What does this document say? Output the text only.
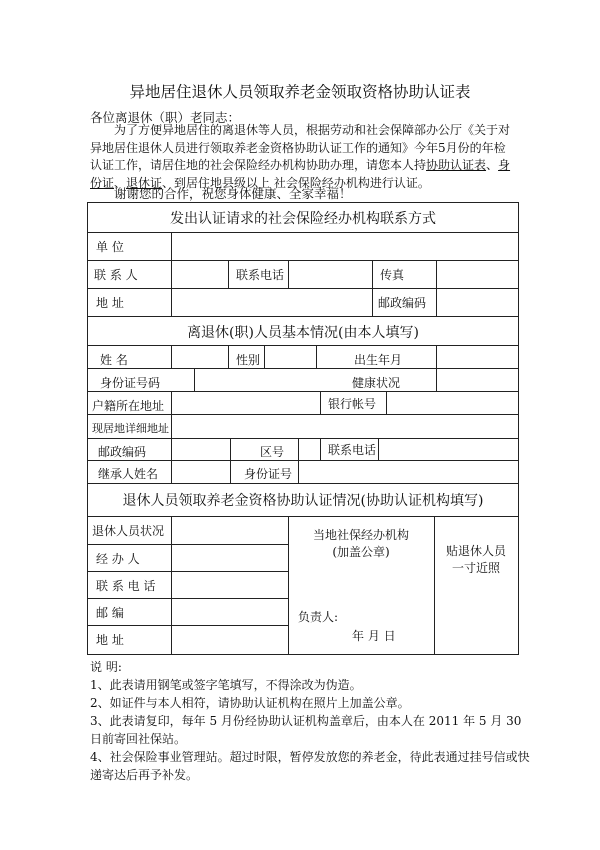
异地居住退休人员领取养老金领取资格协助认证表
各位离退休（职）老同志：

为了方便异地居住的离退休等人员，根据劳动和社会保障部办公厅《关于对异地居住退休人员进行领取养老金资格协助认证工作的通知》今年5月份的年检认证工作，请居住地的社会保险经办机构协助办理，请您本人持协助认证表、身份证、退休证、到居住地县级以上 社会保险经办机构进行认证。

谢谢您的合作，祝您身体健康、全家幸福！
发出认证请求的社会保险经办机构联系方式
单 位
联 系 人	联系电话	传真
地 址	邮政编码
离退休(职)人员基本情况(由本人填写)
姓 名	性别	出生年月
身份证号码	健康状况
户籍所在地址	银行帐号
现居地详细地址
邮政编码	区号	联系电话
继承人姓名	身份证号
退休人员领取养老金资格协助认证情况(协助认证机构填写)
退休人员状况
经 办 人
联 系 电 话
邮 编
地 址
当地社保经办机构
(加盖公章)
负责人:
年 月 日
贴退休人员
一寸近照

说 明:

1、此表请用钢笔或签字笔填写，不得涂改为伪造。

2、如证件与本人相符，请协助认证机构在照片上加盖公章。

3、此表请复印，每年 5 月份经协助认证机构盖章后，由本人在 2011 年 5 月 30 日前寄回社保站。

4、社会保险事业管理站。超过时限，暂停发放您的养老金，待此表通过挂号信或快递寄达后再予补发。
